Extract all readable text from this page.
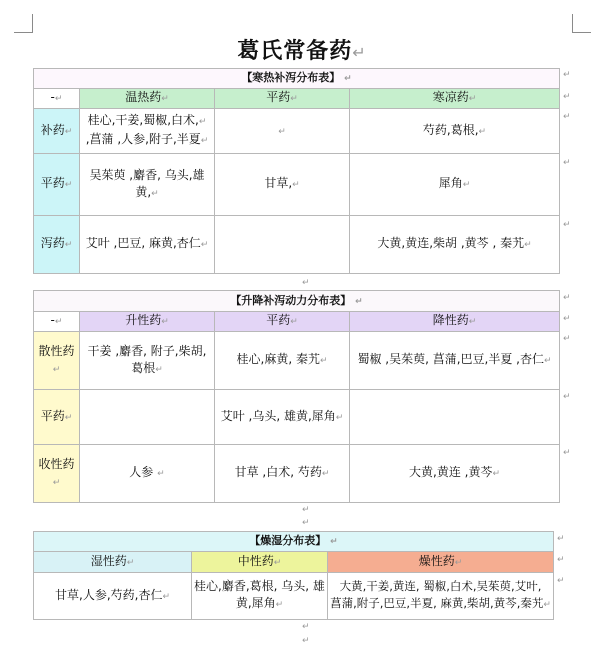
葛氏常备药↵
【寒热补泻分布表】 ↵			
-↵	温热药↵	平药↵	寒凉药↵
补药↵	桂心,干姜,蜀椒,白术,↵
,菖蒲 ,人参,附子,半夏↵	↵	芍药,葛根,↵
平药↵	吴茱萸 ,麝香, 乌头,雄黄,↵	甘草,↵	犀角↵
泻药↵	艾叶 ,巴豆, 麻黄,杏仁↵		大黄,黄连,柴胡 ,黄芩 , 秦艽↵
↵
【升降补泻动力分布表】 ↵			
-↵	升性药↵	平药↵	降性药↵
散性药↵	干姜 ,麝香, 附子,柴胡,
葛根↵	桂心,麻黄, 秦艽↵	蜀椒 ,吴茱萸, 菖蒲,巴豆,半夏 ,杏仁↵
平药↵		艾叶 ,乌头, 雄黄,犀角↵	
收性药↵	人参 ↵	甘草 ,白术, 芍药↵	大黄,黄连 ,黄芩↵
↵
↵
【燥湿分布表】 ↵		
湿性药↵	中性药↵	燥性药↵
甘草,人参,芍药,杏仁↵	桂心,麝香,葛根, 乌头, 雄
黄,犀角↵	大黄,干姜,黄连, 蜀椒,白术,吴茱萸,艾叶,
菖蒲,附子,巴豆,半夏, 麻黄,柴胡,黄芩,秦艽↵
↵
↵
↵
↵
↵
↵
↵
↵
↵
↵
↵
↵
↵
↵
↵
